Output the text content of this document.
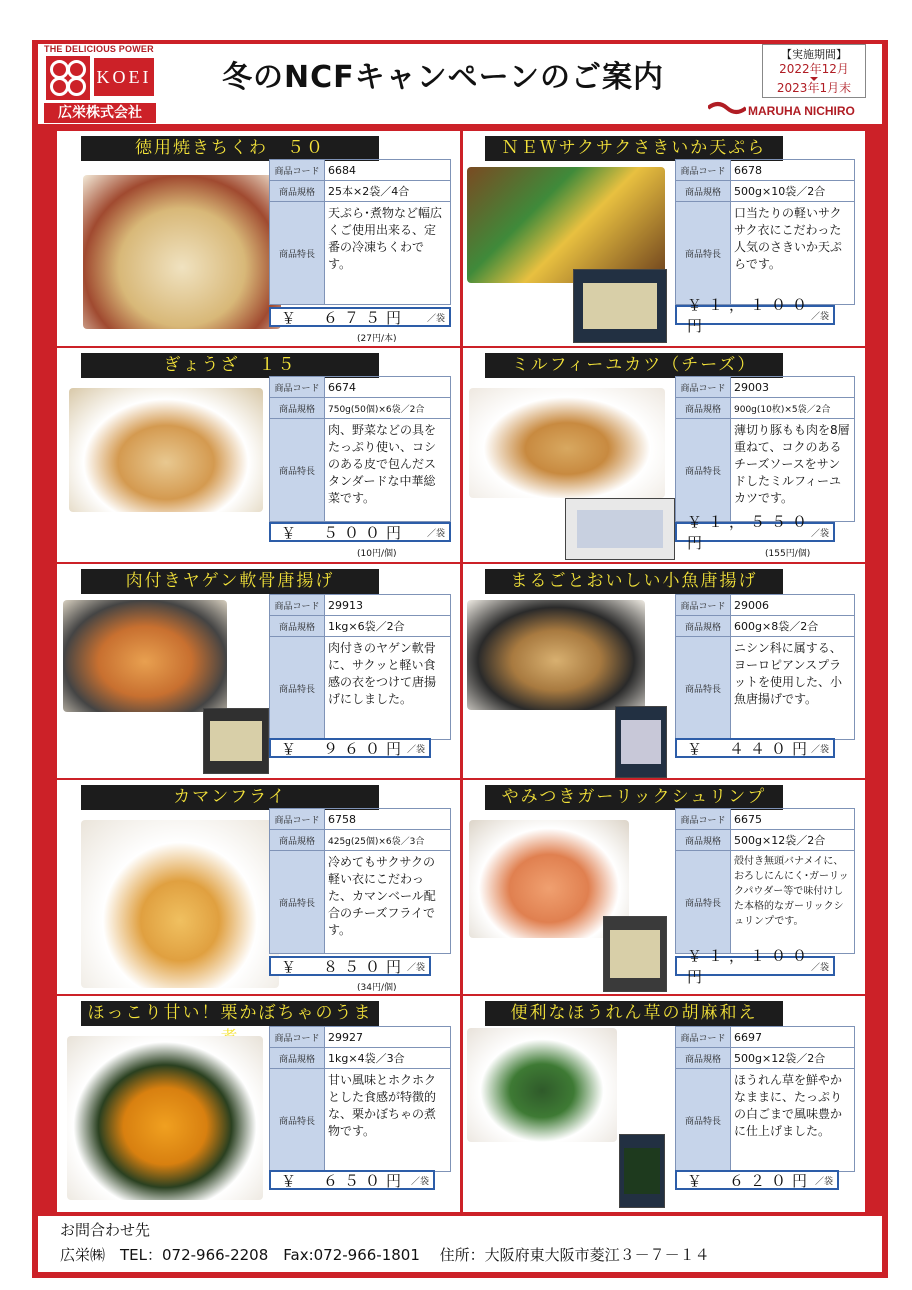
THE DELICIOUS POWER
KOEI
広栄株式会社
冬のNCFキャンペーンのご案内
【実施期間】
2022年12月
2023年1月末
MARUHA NICHIRO
徳用焼きちくわ　５０
商品コード 6684
商品規格	25本×2袋／4合
商品特長
天ぷら･煮物など幅広くご使用出来る、定番の冷凍ちくわです。
￥　６７５円 ／袋
(27円/本)
ＮＥＷサクサクさきいか天ぷら
商品コード 6678
商品規格	500g×10袋／2合
商品特長
口当たりの軽いサクサク衣にこだわった人気のさきいか天ぷらです。
￥１，１００円
／袋
ぎょうざ　１５
商品コード 6674
商品規格	750g(50個)×6袋／2合
商品特長
肉、野菜などの具をたっぷり使い、コシのある皮で包んだスタンダードな中華総菜です。
￥　５００円 ／袋
(10円/個)
ミルフィーユカツ（チーズ）
商品コード 29003
商品規格	900g(10枚)×5袋／2合
商品特長
薄切り豚もも肉を8層重ねて、コクのあるチーズソースをサンドしたミルフィーユカツです。
￥１，５５０円
／袋
(155円/個)
肉付きヤゲン軟骨唐揚げ
商品コード 29913
商品規格	1kg×6袋／2合
商品特長
肉付きのヤゲン軟骨に、サクッと軽い食感の衣をつけて唐揚げにしました。
￥　９６０円 ／袋
まるごとおいしい小魚唐揚げ
商品コード 29006
商品規格	600g×8袋／2合
商品特長
ニシン科に属する、ヨーロピアンスプラットを使用した、小魚唐揚げです。
￥　４４０円
／袋
カマンフライ
商品コード 6758
商品規格	425g(25個)×6袋／3合
商品特長
冷めてもサクサクの軽い衣にこだわった、カマンベール配合のチーズフライです。
￥　８５０円 ／袋
(34円/個)
やみつきガーリックシュリンプ
商品コード 6675
商品規格	500g×12袋／2合
商品特長
殻付き無頭バナメイに、おろしにんにく･ガーリックパウダー等で味付けした本格的なガーリックシュリンプです。
￥１，１００円
／袋
ほっこり甘い！栗かぼちゃのうま
商品コード 29927
商品規格	1kg×4袋／3合
商品特長
甘い風味とホクホクとした食感が特徴的な、栗かぼちゃの煮物です。
￥　６５０円 ／袋
便利なほうれん草の胡麻和え
商品コード 6697
商品規格	500g×12袋／2合
商品特長
ほうれん草を鮮やかなままに、たっぷりの白ごまで風味豊かに仕上げました。
￥　６２０円 ／袋
お問合わせ先
広栄㈱　TEL：072-966-2208　Fax:072-966-1801　 住所：大阪府東大阪市菱江３－７－１４
